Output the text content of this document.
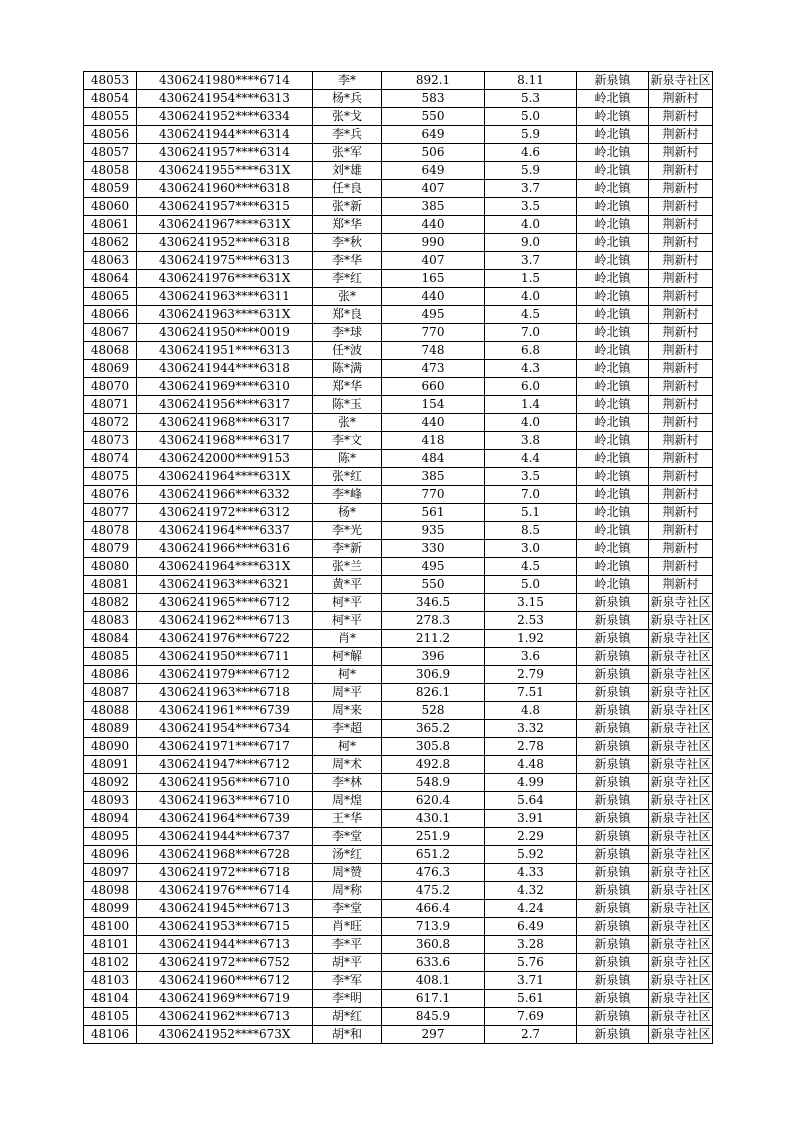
48053	4306241980****6714	李*	892.1	8.11	新泉镇	新泉寺社区
48054	4306241954****6313	杨*兵	583	5.3	岭北镇	荆新村
48055	4306241952****6334	张*戈	550	5.0	岭北镇	荆新村
48056	4306241944****6314	李*兵	649	5.9	岭北镇	荆新村
48057	4306241957****6314	张*军	506	4.6	岭北镇	荆新村
48058	4306241955****631X	刘*雄	649	5.9	岭北镇	荆新村
48059	4306241960****6318	任*良	407	3.7	岭北镇	荆新村
48060	4306241957****6315	张*新	385	3.5	岭北镇	荆新村
48061	4306241967****631X	郑*华	440	4.0	岭北镇	荆新村
48062	4306241952****6318	李*秋	990	9.0	岭北镇	荆新村
48063	4306241975****6313	李*华	407	3.7	岭北镇	荆新村
48064	4306241976****631X	李*红	165	1.5	岭北镇	荆新村
48065	4306241963****6311	张*	440	4.0	岭北镇	荆新村
48066	4306241963****631X	郑*良	495	4.5	岭北镇	荆新村
48067	4306241950****0019	李*球	770	7.0	岭北镇	荆新村
48068	4306241951****6313	任*波	748	6.8	岭北镇	荆新村
48069	4306241944****6318	陈*满	473	4.3	岭北镇	荆新村
48070	4306241969****6310	郑*华	660	6.0	岭北镇	荆新村
48071	4306241956****6317	陈*玉	154	1.4	岭北镇	荆新村
48072	4306241968****6317	张*	440	4.0	岭北镇	荆新村
48073	4306241968****6317	李*文	418	3.8	岭北镇	荆新村
48074	4306242000****9153	陈*	484	4.4	岭北镇	荆新村
48075	4306241964****631X	张*红	385	3.5	岭北镇	荆新村
48076	4306241966****6332	李*峰	770	7.0	岭北镇	荆新村
48077	4306241972****6312	杨*	561	5.1	岭北镇	荆新村
48078	4306241964****6337	李*光	935	8.5	岭北镇	荆新村
48079	4306241966****6316	李*新	330	3.0	岭北镇	荆新村
48080	4306241964****631X	张*兰	495	4.5	岭北镇	荆新村
48081	4306241963****6321	黄*平	550	5.0	岭北镇	荆新村
48082	4306241965****6712	柯*平	346.5	3.15	新泉镇	新泉寺社区
48083	4306241962****6713	柯*平	278.3	2.53	新泉镇	新泉寺社区
48084	4306241976****6722	肖*	211.2	1.92	新泉镇	新泉寺社区
48085	4306241950****6711	柯*解	396	3.6	新泉镇	新泉寺社区
48086	4306241979****6712	柯*	306.9	2.79	新泉镇	新泉寺社区
48087	4306241963****6718	周*平	826.1	7.51	新泉镇	新泉寺社区
48088	4306241961****6739	周*来	528	4.8	新泉镇	新泉寺社区
48089	4306241954****6734	李*超	365.2	3.32	新泉镇	新泉寺社区
48090	4306241971****6717	柯*	305.8	2.78	新泉镇	新泉寺社区
48091	4306241947****6712	周*术	492.8	4.48	新泉镇	新泉寺社区
48092	4306241956****6710	李*林	548.9	4.99	新泉镇	新泉寺社区
48093	4306241963****6710	周*煌	620.4	5.64	新泉镇	新泉寺社区
48094	4306241964****6739	王*华	430.1	3.91	新泉镇	新泉寺社区
48095	4306241944****6737	李*堂	251.9	2.29	新泉镇	新泉寺社区
48096	4306241968****6728	汤*红	651.2	5.92	新泉镇	新泉寺社区
48097	4306241972****6718	周*赞	476.3	4.33	新泉镇	新泉寺社区
48098	4306241976****6714	周*称	475.2	4.32	新泉镇	新泉寺社区
48099	4306241945****6713	李*堂	466.4	4.24	新泉镇	新泉寺社区
48100	4306241953****6715	肖*旺	713.9	6.49	新泉镇	新泉寺社区
48101	4306241944****6713	李*平	360.8	3.28	新泉镇	新泉寺社区
48102	4306241972****6752	胡*平	633.6	5.76	新泉镇	新泉寺社区
48103	4306241960****6712	李*军	408.1	3.71	新泉镇	新泉寺社区
48104	4306241969****6719	李*明	617.1	5.61	新泉镇	新泉寺社区
48105	4306241962****6713	胡*红	845.9	7.69	新泉镇	新泉寺社区
48106	4306241952****673X	胡*和	297	2.7	新泉镇	新泉寺社区
